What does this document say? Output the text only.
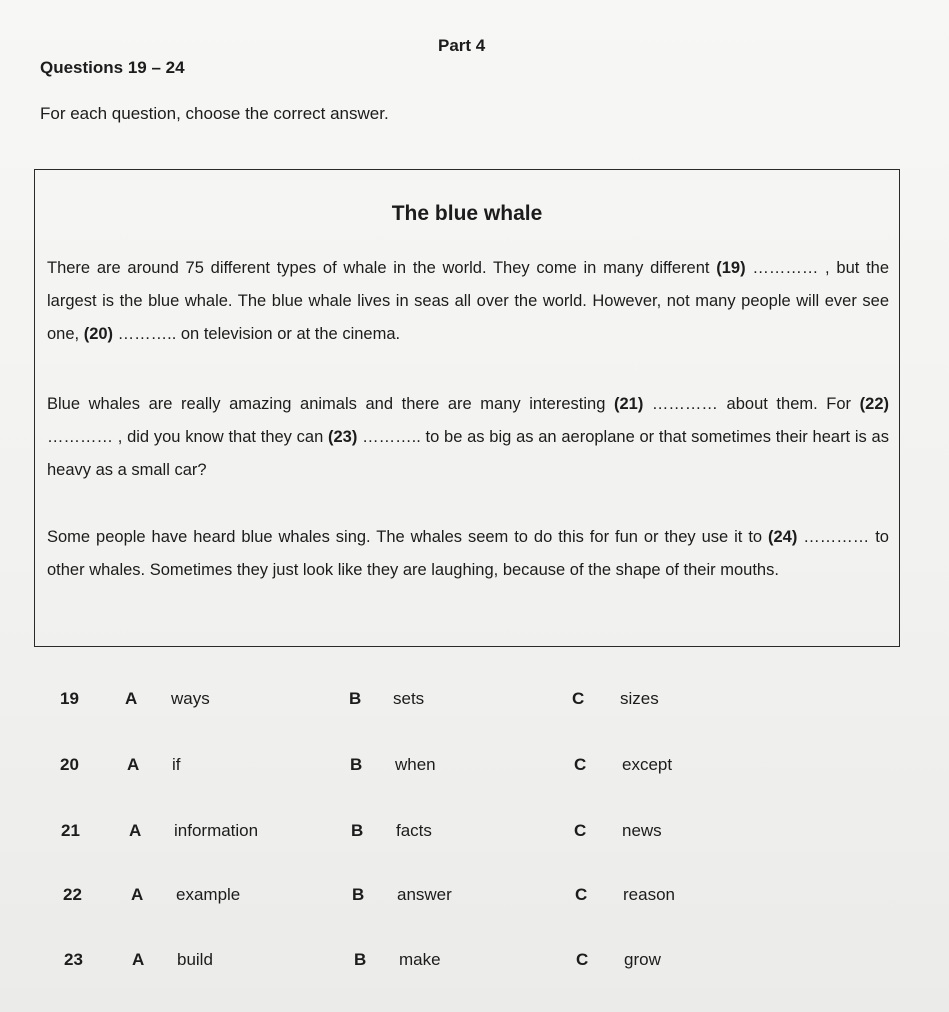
Part 4
Questions 19 – 24
For each question, choose the correct answer.
The blue whale
There are around 75 different types of whale in the world. They come in many different (19) ………… , but the largest is the blue whale. The blue whale lives in seas all over the world. However, not many people will ever see one, (20) ……….. on television or at the cinema.
Blue whales are really amazing animals and there are many interesting (21) ………… about them. For (22) ………… , did you know that they can (23) ……….. to be as big as an aeroplane or that sometimes their heart is as heavy as a small car?
Some people have heard blue whales sing. The whales seem to do this for fun or they use it to (24) ………… to other whales. Sometimes they just look like they are laughing, because of the shape of their mouths.
19	A ways	B sets	C sizes
20	A if	B when	C except
21	A information	B facts	C news
22	A example	B answer	C reason
23	A build	B make	C grow
